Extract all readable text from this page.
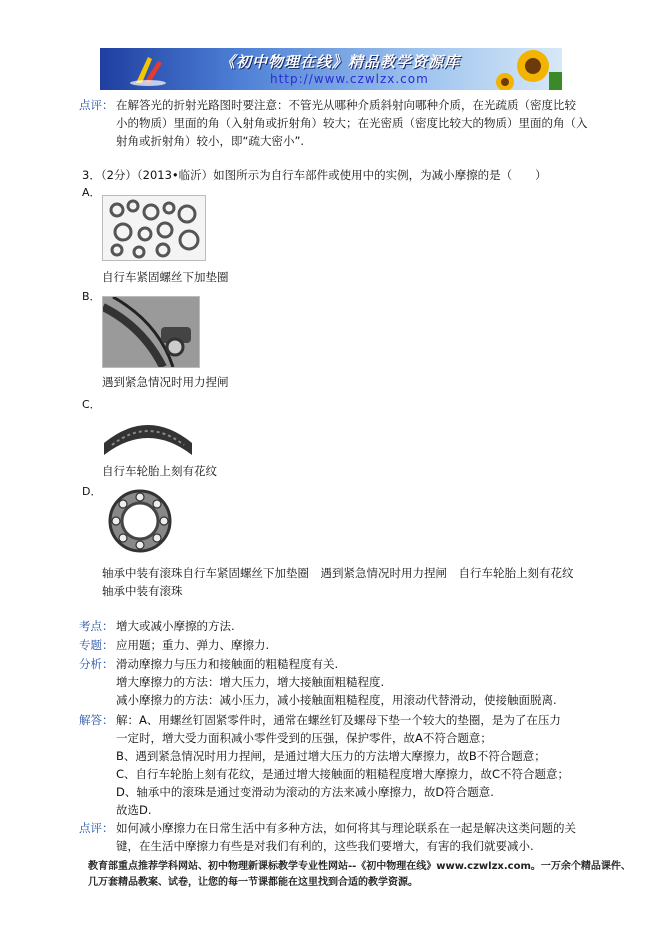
《初中物理在线》精品教学资源库
http://www.czwlzx.com
点评： 在解答光的折射光路图时要注意：不管光从哪种介质斜射向哪种介质，在光疏质（密度比较
小的物质）里面的角（入射角或折射角）较大；在光密质（密度比较大的物质）里面的角（入
射角或折射角）较小，即“疏大密小”.
3．（2分）（2013•临沂）如图所示为自行车部件或使用中的实例，为减小摩擦的是（　　）
A．
自行车紧固螺丝下加垫圈
B．
遇到紧急情况时用力捏闸
C．
自行车轮胎上刻有花纹
D．
轴承中装有滚珠自行车紧固螺丝下加垫圈　遇到紧急情况时用力捏闸　自行车轮胎上刻有花纹
轴承中装有滚珠
考点： 增大或减小摩擦的方法.
专题： 应用题；重力、弹力、摩擦力.
分析： 滑动摩擦力与压力和接触面的粗糙程度有关.
增大摩擦力的方法：增大压力，增大接触面粗糙程度.
减小摩擦力的方法：减小压力，减小接触面粗糙程度，用滚动代替滑动，使接触面脱离.
解答： 解：A、用螺丝钉固紧零件时，通常在螺丝钉及螺母下垫一个较大的垫圈，是为了在压力
一定时，增大受力面积减小零件受到的压强，保护零件，故A不符合题意；
B、遇到紧急情况时用力捏闸，是通过增大压力的方法增大摩擦力，故B不符合题意；
C、自行车轮胎上刻有花纹，是通过增大接触面的粗糙程度增大摩擦力，故C不符合题意；
D、轴承中的滚珠是通过变滑动为滚动的方法来减小摩擦力，故D符合题意.
故选D.
点评： 如何减小摩擦力在日常生活中有多种方法，如何将其与理论联系在一起是解决这类问题的关
键，在生活中摩擦力有些是对我们有利的，这些我们要增大，有害的我们就要减小.
教育部重点推荐学科网站、初中物理新课标教学专业性网站--《初中物理在线》www.czwlzx.com。一万余个精品课件、
几万套精品教案、试卷，让您的每一节课都能在这里找到合适的教学资源。
